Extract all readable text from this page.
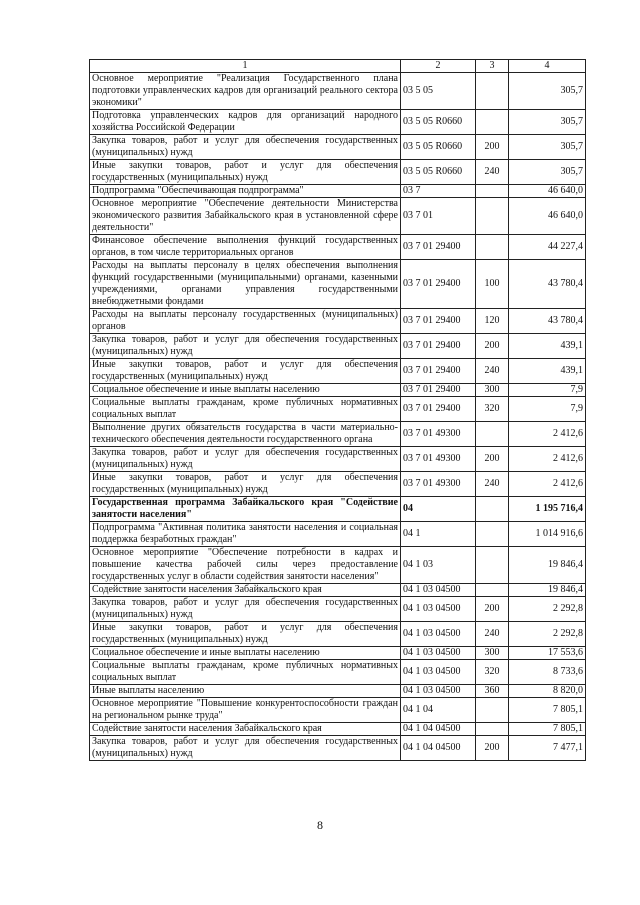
1	2	3	4
Основное мероприятие "Реализация Государственного плана подготовки управленческих кадров для организаций реального сектора экономики"	03 5 05		305,7
Подготовка управленческих кадров для организаций народного хозяйства Российской Федерации	03 5 05 R0660		305,7
Закупка товаров, работ и услуг для обеспечения государственных (муниципальных) нужд	03 5 05 R0660	200	305,7
Иные закупки товаров, работ и услуг для обеспечения государственных (муниципальных) нужд	03 5 05 R0660	240	305,7
Подпрограмма "Обеспечивающая подпрограмма"	03 7		46 640,0
Основное мероприятие "Обеспечение деятельности Министерства экономического развития Забайкальского края в установленной сфере деятельности"	03 7 01		46 640,0
Финансовое обеспечение выполнения функций государственных органов, в том числе территориальных органов	03 7 01 29400		44 227,4
Расходы на выплаты персоналу в целях обеспечения выполнения функций государственными (муниципальными) органами, казенными учреждениями, органами управления государственными внебюджетными фондами	03 7 01 29400	100	43 780,4
Расходы на выплаты персоналу государственных (муниципальных) органов	03 7 01 29400	120	43 780,4
Закупка товаров, работ и услуг для обеспечения государственных (муниципальных) нужд	03 7 01 29400	200	439,1
Иные закупки товаров, работ и услуг для обеспечения государственных (муниципальных) нужд	03 7 01 29400	240	439,1
Социальное обеспечение и иные выплаты населению	03 7 01 29400	300	7,9
Социальные выплаты гражданам, кроме публичных нормативных социальных выплат	03 7 01 29400	320	7,9
Выполнение других обязательств государства в части материально-технического обеспечения деятельности государственного органа	03 7 01 49300		2 412,6
Закупка товаров, работ и услуг для обеспечения государственных (муниципальных) нужд	03 7 01 49300	200	2 412,6
Иные закупки товаров, работ и услуг для обеспечения государственных (муниципальных) нужд	03 7 01 49300	240	2 412,6
Государственная программа Забайкальского края "Содействие занятости населения"	04		1 195 716,4
Подпрограмма "Активная политика занятости населения и социальная поддержка безработных граждан"	04 1		1 014 916,6
Основное мероприятие "Обеспечение потребности в кадрах и повышение качества рабочей силы через предоставление государственных услуг в области содействия занятости населения"	04 1 03		19 846,4
Содействие занятости населения Забайкальского края	04 1 03 04500		19 846,4
Закупка товаров, работ и услуг для обеспечения государственных (муниципальных) нужд	04 1 03 04500	200	2 292,8
Иные закупки товаров, работ и услуг для обеспечения государственных (муниципальных) нужд	04 1 03 04500	240	2 292,8
Социальное обеспечение и иные выплаты населению	04 1 03 04500	300	17 553,6
Социальные выплаты гражданам, кроме публичных нормативных социальных выплат	04 1 03 04500	320	8 733,6
Иные выплаты населению	04 1 03 04500	360	8 820,0
Основное мероприятие "Повышение конкурентоспособности граждан на региональном рынке труда"	04 1 04		7 805,1
Содействие занятости населения Забайкальского края	04 1 04 04500		7 805,1
Закупка товаров, работ и услуг для обеспечения государственных (муниципальных) нужд	04 1 04 04500	200	7 477,1
8
